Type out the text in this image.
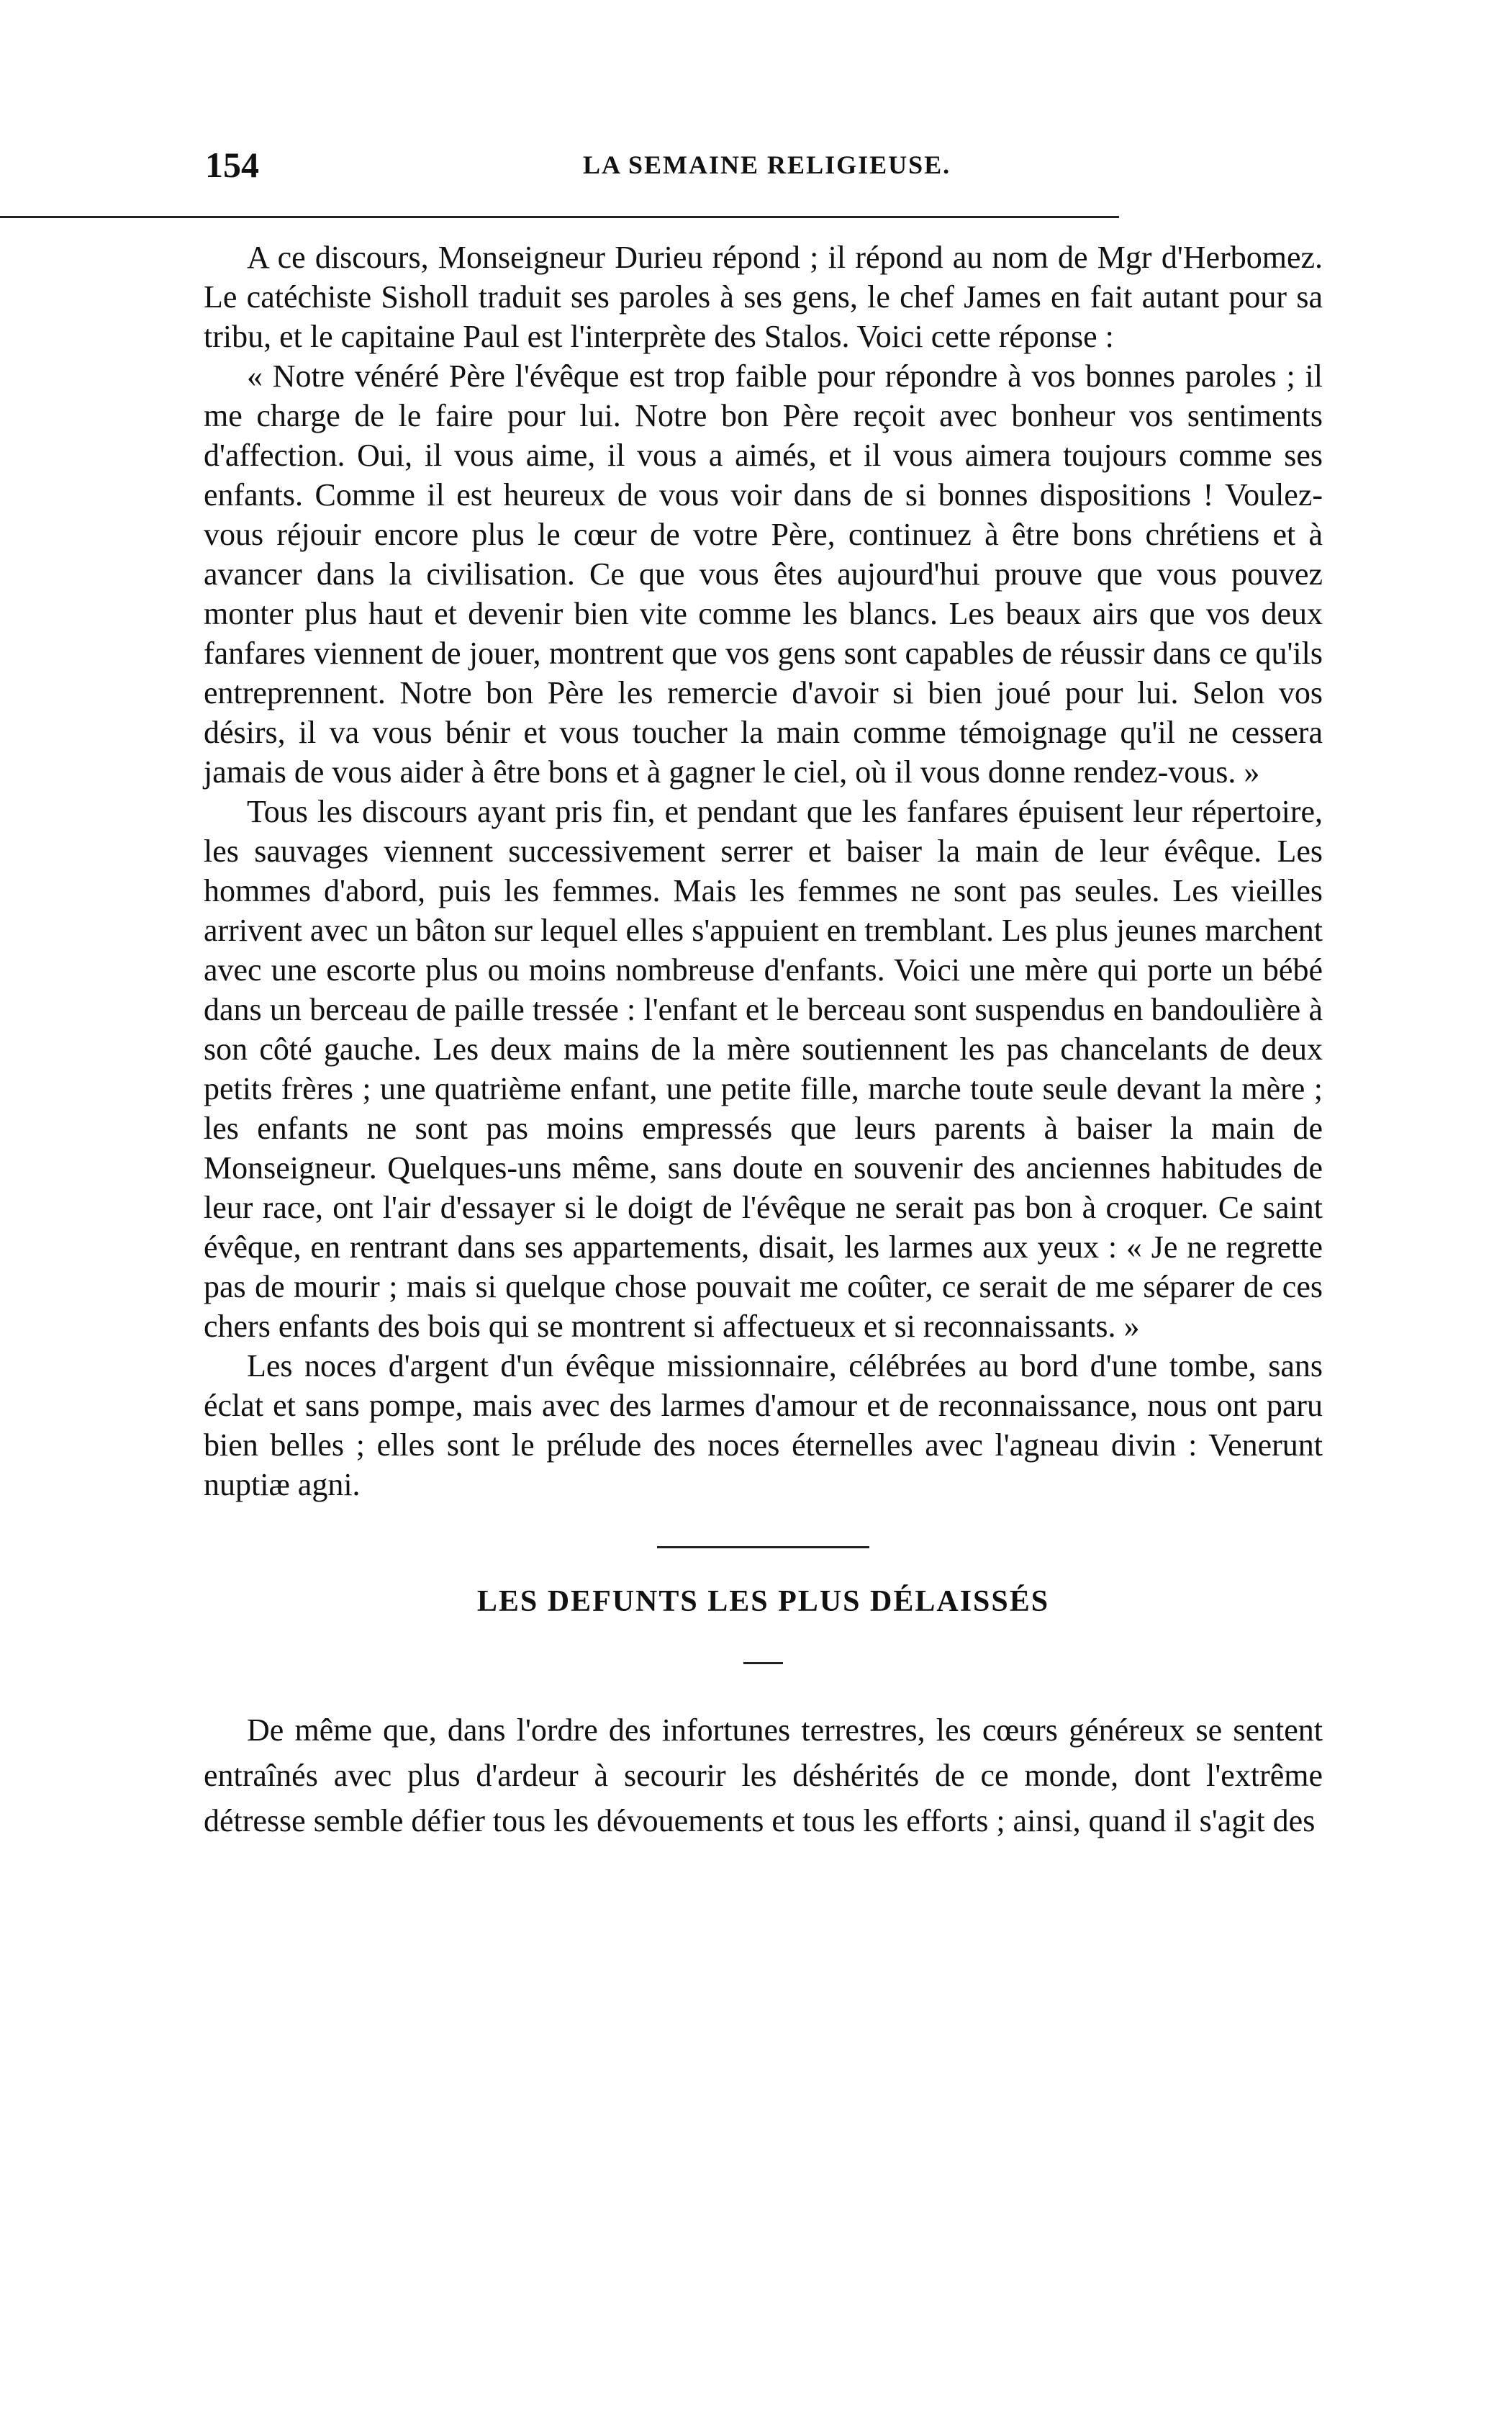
154	LA SEMAINE RELIGIEUSE.

A ce discours, Monseigneur Durieu répond ; il répond au nom de Mgr d'Herbomez. Le catéchiste Sisholl traduit ses paroles à ses gens, le chef James en fait autant pour sa tribu, et le capitaine Paul est l'interprète des Stalos. Voici cette réponse :

« Notre vénéré Père l'évêque est trop faible pour répondre à vos bonnes paroles ; il me charge de le faire pour lui. Notre bon Père reçoit avec bonheur vos sentiments d'affection. Oui, il vous aime, il vous a aimés, et il vous aimera toujours comme ses enfants. Comme il est heureux de vous voir dans de si bonnes dispositions ! Voulez-vous réjouir encore plus le cœur de votre Père, continuez à être bons chrétiens et à avancer dans la civilisation. Ce que vous êtes aujourd'hui prouve que vous pouvez monter plus haut et devenir bien vite comme les blancs. Les beaux airs que vos deux fanfares viennent de jouer, montrent que vos gens sont capables de réussir dans ce qu'ils entreprennent. Notre bon Père les remercie d'avoir si bien joué pour lui. Selon vos désirs, il va vous bénir et vous toucher la main comme témoignage qu'il ne cessera jamais de vous aider à être bons et à gagner le ciel, où il vous donne rendez-vous. »

Tous les discours ayant pris fin, et pendant que les fanfares épuisent leur répertoire, les sauvages viennent successivement serrer et baiser la main de leur évêque. Les hommes d'abord, puis les femmes. Mais les femmes ne sont pas seules. Les vieilles arrivent avec un bâton sur lequel elles s'appuient en tremblant. Les plus jeunes marchent avec une escorte plus ou moins nombreuse d'enfants. Voici une mère qui porte un bébé dans un berceau de paille tressée : l'enfant et le berceau sont suspendus en bandoulière à son côté gauche. Les deux mains de la mère soutiennent les pas chancelants de deux petits frères ; une quatrième enfant, une petite fille, marche toute seule devant la mère ; les enfants ne sont pas moins empressés que leurs parents à baiser la main de Monseigneur. Quelques-uns même, sans doute en souvenir des anciennes habitudes de leur race, ont l'air d'essayer si le doigt de l'évêque ne serait pas bon à croquer. Ce saint évêque, en rentrant dans ses appartements, disait, les larmes aux yeux : « Je ne regrette pas de mourir ; mais si quelque chose pouvait me coûter, ce serait de me séparer de ces chers enfants des bois qui se montrent si affectueux et si reconnaissants. »

Les noces d'argent d'un évêque missionnaire, célébrées au bord d'une tombe, sans éclat et sans pompe, mais avec des larmes d'amour et de reconnaissance, nous ont paru bien belles ; elles sont le prélude des noces éternelles avec l'agneau divin : Venerunt nuptiæ agni.

LES DEFUNTS LES PLUS DÉLAISSÉS

De même que, dans l'ordre des infortunes terrestres, les cœurs généreux se sentent entraînés avec plus d'ardeur à secourir les déshérités de ce monde, dont l'extrême détresse semble défier tous les dévouements et tous les efforts ; ainsi, quand il s'agit des
